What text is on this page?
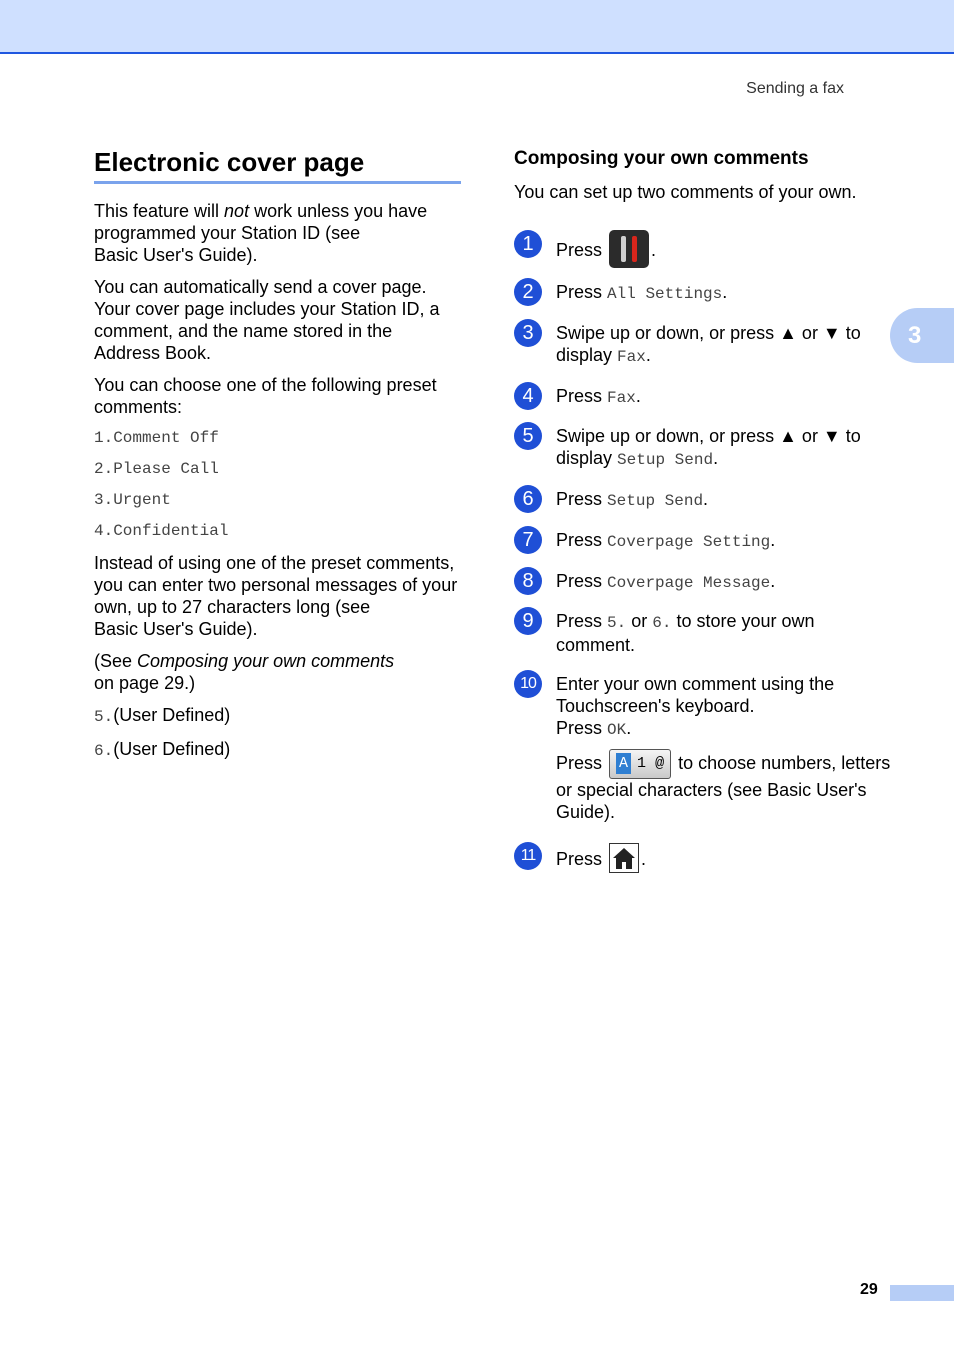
Sending a fax
3
Electronic cover page

This feature will not work unless you have programmed your Station ID (see
Basic User's Guide).

You can automatically send a cover page. Your cover page includes your Station ID, a comment, and the name stored in the Address Book.

You can choose one of the following preset comments:

1.Comment Off
2.Please Call
3.Urgent
4.Confidential

Instead of using one of the preset comments, you can enter two personal messages of your own, up to 27 characters long (see
Basic User's Guide).

(See Composing your own comments
on page 29.)

5.(User Defined)

6.(User Defined)

Composing your own comments

You can set up two comments of your own.

1	Press	.
2	Press All Settings.
3	Swipe up or down, or press ▲ or ▼ to display Fax.
4	Press Fax.
5	Swipe up or down, or press ▲ or ▼ to display Setup Send.
6	Press Setup Send.
7	Press Coverpage Setting.
8	Press Coverpage Message.
9	Press 5. or 6. to store your own comment.
10	Enter your own comment using the Touchscreen's keyboard.
Press OK.
Press A 1 @ to choose numbers, letters or special characters (see Basic User's Guide).
11	Press .
29
